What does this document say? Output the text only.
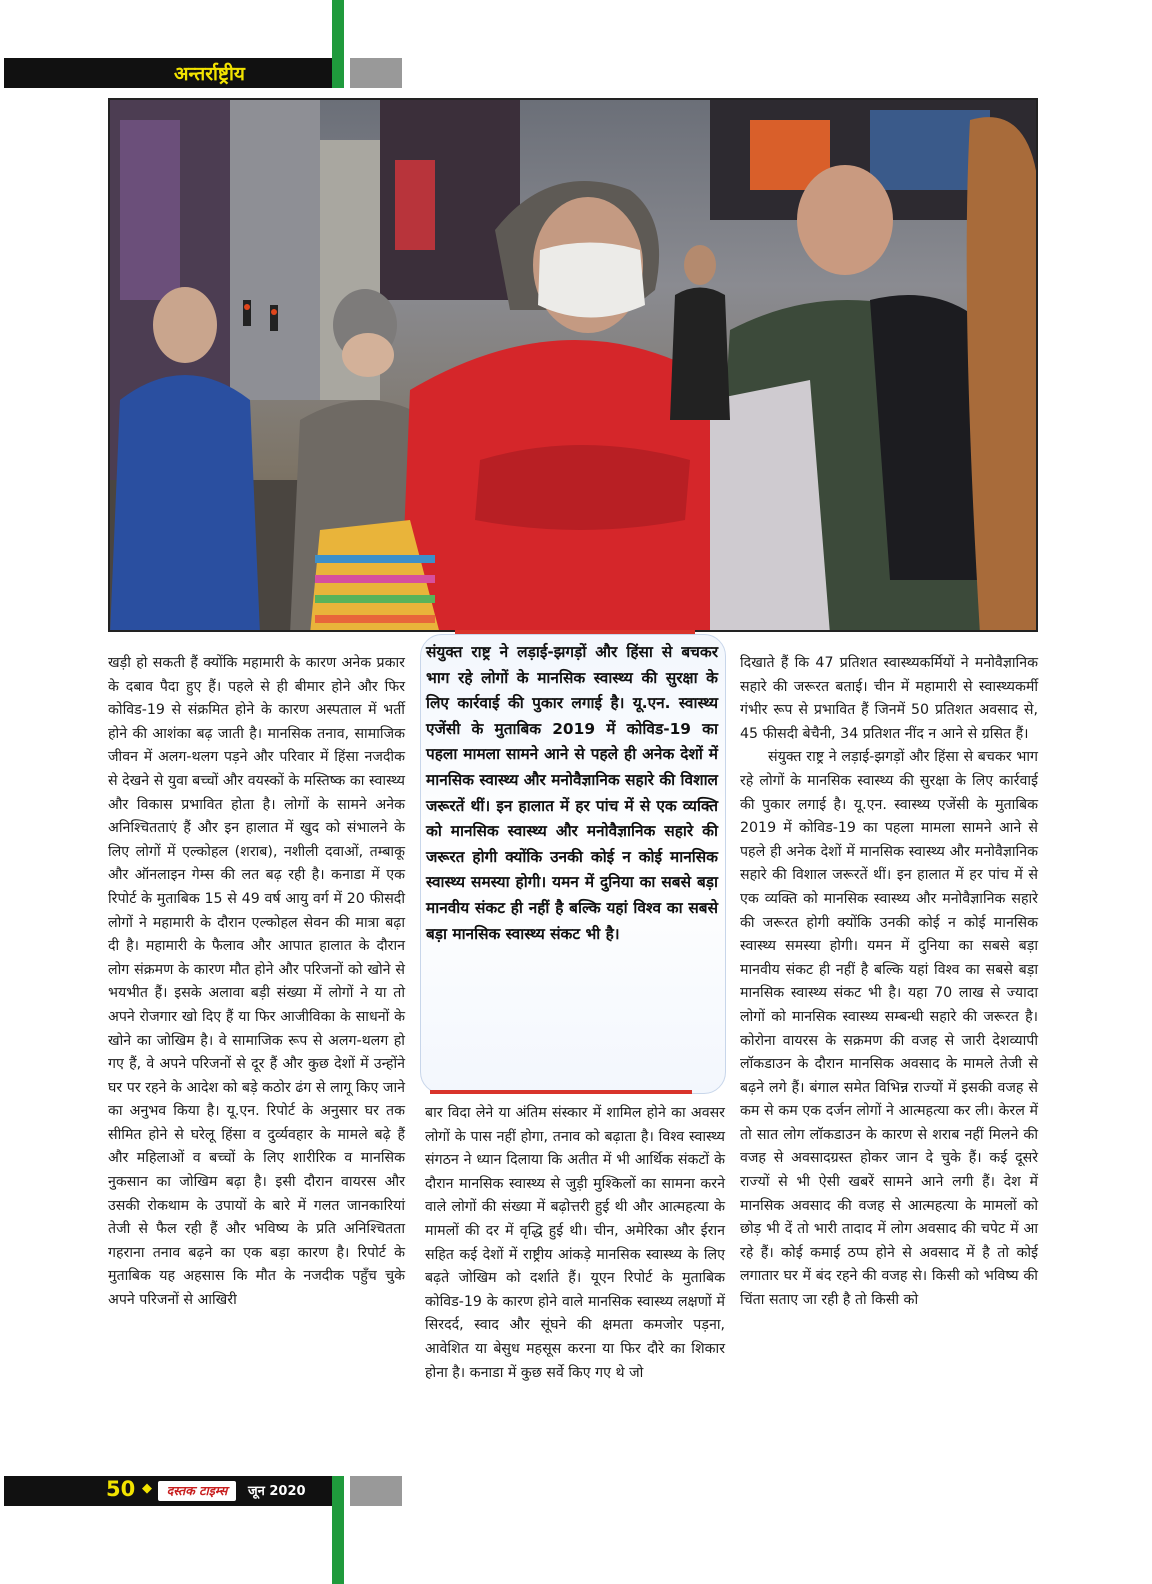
अन्तर्राष्ट्रीय

खड़ी हो सकती हैं क्योंकि महामारी के कारण अनेक प्रकार के दबाव पैदा हुए हैं। पहले से ही बीमार होने और फिर कोविड-19 से संक्रमित होने के कारण अस्पताल में भर्ती होने की आशंका बढ़ जाती है। मानसिक तनाव, सामाजिक जीवन में अलग-थलग पड़ने और परिवार में हिंसा नजदीक से देखने से युवा बच्चों और वयस्कों के मस्तिष्क का स्वास्थ्य और विकास प्रभावित होता है। लोगों के सामने अनेक अनिश्चितताएं हैं और इन हालात में खुद को संभालने के लिए लोगों में एल्कोहल (शराब), नशीली दवाओं, तम्बाकू और ऑनलाइन गेम्स की लत बढ़ रही है। कनाडा में एक रिपोर्ट के मुताबिक 15 से 49 वर्ष आयु वर्ग में 20 फीसदी लोगों ने महामारी के दौरान एल्कोहल सेवन की मात्रा बढ़ा दी है। महामारी के फैलाव और आपात हालात के दौरान लोग संक्रमण के कारण मौत होने और परिजनों को खोने से भयभीत हैं। इसके अलावा बड़ी संख्या में लोगों ने या तो अपने रोजगार खो दिए हैं या फिर आजीविका के साधनों के खोने का जोखिम है। वे सामाजिक रूप से अलग-थलग हो गए हैं, वे अपने परिजनों से दूर हैं और कुछ देशों में उन्होंने घर पर रहने के आदेश को बड़े कठोर ढंग से लागू किए जाने का अनुभव किया है। यू.एन. रिपोर्ट के अनुसार घर तक सीमित होने से घरेलू हिंसा व दुर्व्यवहार के मामले बढ़े हैं और महिलाओं व बच्चों के लिए शारीरिक व मानसिक नुकसान का जोखिम बढ़ा है। इसी दौरान वायरस और उसकी रोकथाम के उपायों के बारे में गलत जानकारियां तेजी से फैल रही हैं और भविष्य के प्रति अनिश्चितता गहराना तनाव बढ़ने का एक बड़ा कारण है। रिपोर्ट के मुताबिक यह अहसास कि मौत के नजदीक पहुँच चुके अपने परिजनों से आखिरी

संयुक्त राष्ट्र ने लड़ाई-झगड़ों और हिंसा से बचकर भाग रहे लोगों के मानसिक स्वास्थ्य की सुरक्षा के लिए कार्रवाई की पुकार लगाई है। यू.एन. स्वास्थ्य एजेंसी के मुताबिक 2019 में कोविड-19 का पहला मामला सामने आने से पहले ही अनेक देशों में मानसिक स्वास्थ्य और मनोवैज्ञानिक सहारे की विशाल जरूरतें थीं। इन हालात में हर पांच में से एक व्यक्ति को मानसिक स्वास्थ्य और मनोवैज्ञानिक सहारे की जरूरत होगी क्योंकि उनकी कोई न कोई मानसिक स्वास्थ्य समस्या होगी। यमन में दुनिया का सबसे बड़ा मानवीय संकट ही नहीं है बल्कि यहां विश्व का सबसे बड़ा मानसिक स्वास्थ्य संकट भी है।

बार विदा लेने या अंतिम संस्कार में शामिल होने का अवसर लोगों के पास नहीं होगा, तनाव को बढ़ाता है। विश्व स्वास्थ्य संगठन ने ध्यान दिलाया कि अतीत में भी आर्थिक संकटों के दौरान मानसिक स्वास्थ्य से जुड़ी मुश्किलों का सामना करने वाले लोगों की संख्या में बढ़ोत्तरी हुई थी और आत्महत्या के मामलों की दर में वृद्धि हुई थी। चीन, अमेरिका और ईरान सहित कई देशों में राष्ट्रीय आंकड़े मानसिक स्वास्थ्य के लिए बढ़ते जोखिम को दर्शाते हैं। यूएन रिपोर्ट के मुताबिक कोविड-19 के कारण होने वाले मानसिक स्वास्थ्य लक्षणों में सिरदर्द, स्वाद और सूंघने की क्षमता कमजोर पड़ना, आवेशित या बेसुध महसूस करना या फिर दौरे का शिकार होना है। कनाडा में कुछ सर्वे किए गए थे जो

दिखाते हैं कि 47 प्रतिशत स्वास्थ्यकर्मियों ने मनोवैज्ञानिक सहारे की जरूरत बताई। चीन में महामारी से स्वास्थ्यकर्मी गंभीर रूप से प्रभावित हैं जिनमें 50 प्रतिशत अवसाद से, 45 फीसदी बेचैनी, 34 प्रतिशत नींद न आने से ग्रसित हैं।

संयुक्त राष्ट्र ने लड़ाई-झगड़ों और हिंसा से बचकर भाग रहे लोगों के मानसिक स्वास्थ्य की सुरक्षा के लिए कार्रवाई की पुकार लगाई है। यू.एन. स्वास्थ्य एजेंसी के मुताबिक 2019 में कोविड-19 का पहला मामला सामने आने से पहले ही अनेक देशों में मानसिक स्वास्थ्य और मनोवैज्ञानिक सहारे की विशाल जरूरतें थीं। इन हालात में हर पांच में से एक व्यक्ति को मानसिक स्वास्थ्य और मनोवैज्ञानिक सहारे की जरूरत होगी क्योंकि उनकी कोई न कोई मानसिक स्वास्थ्य समस्या होगी। यमन में दुनिया का सबसे बड़ा मानवीय संकट ही नहीं है बल्कि यहां विश्व का सबसे बड़ा मानसिक स्वास्थ्य संकट भी है। यहा 70 लाख से ज्यादा लोगों को मानसिक स्वास्थ्य सम्बन्धी सहारे की जरूरत है। कोरोना वायरस के सक्रमण की वजह से जारी देशव्यापी लॉकडाउन के दौरान मानसिक अवसाद के मामले तेजी से बढ़ने लगे हैं। बंगाल समेत विभिन्न राज्यों में इसकी वजह से कम से कम एक दर्जन लोगों ने आत्महत्या कर ली। केरल में तो सात लोग लॉकडाउन के कारण से शराब नहीं मिलने की वजह से अवसादग्रस्त होकर जान दे चुके हैं। कई दूसरे राज्यों से भी ऐसी खबरें सामने आने लगी हैं। देश में मानसिक अवसाद की वजह से आत्महत्या के मामलों को छोड़ भी दें तो भारी तादाद में लोग अवसाद की चपेट में आ रहे हैं। कोई कमाई ठप्प होने से अवसाद में है तो कोई लगातार घर में बंद रहने की वजह से। किसी को भविष्य की चिंता सताए जा रही है तो किसी को

50 ◆	दस्तक टाइम्स	जून 2020
